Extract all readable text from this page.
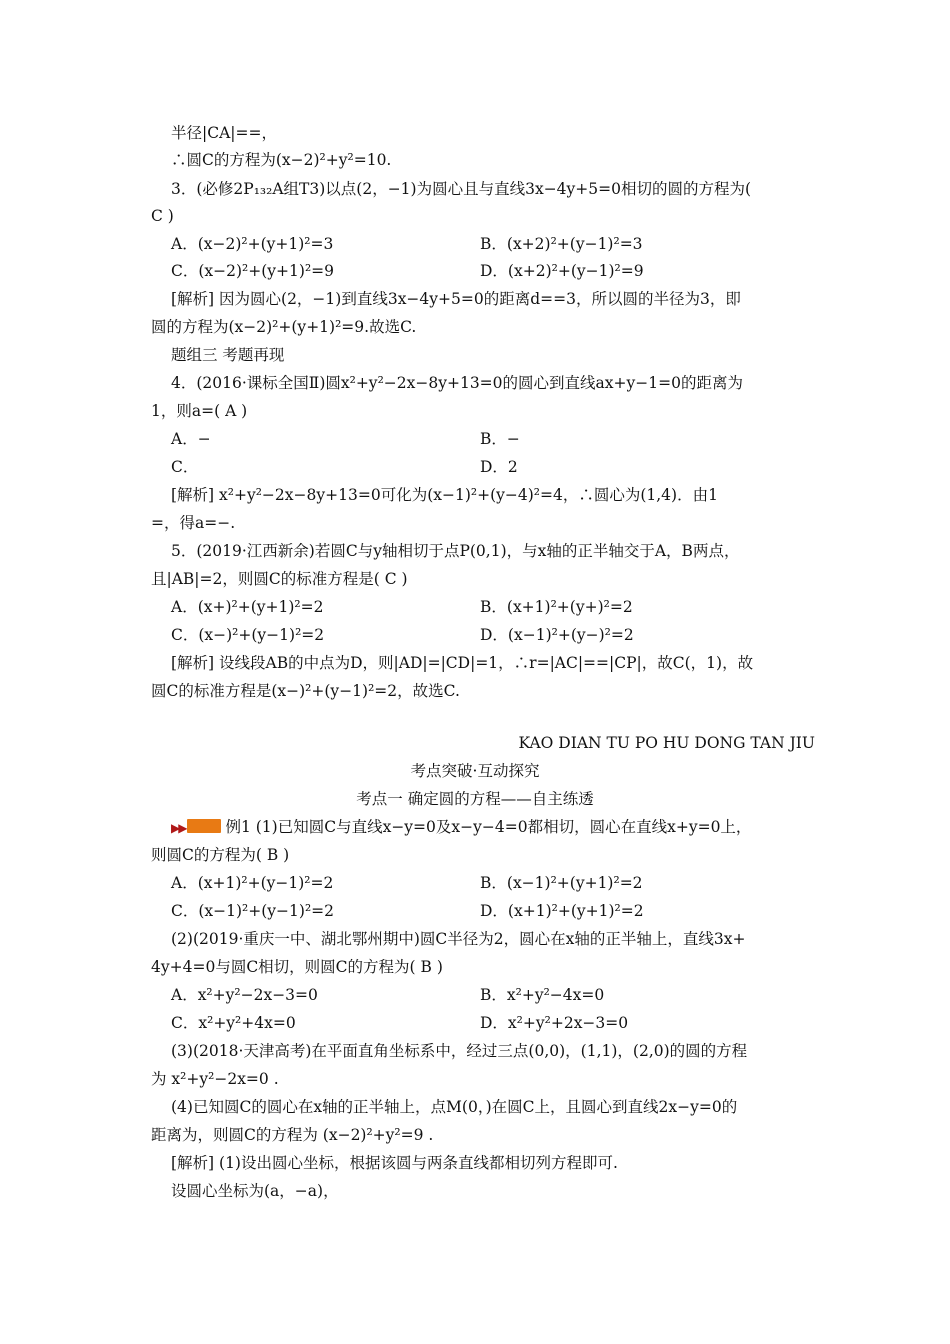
半径|CA|==，
∴圆C的方程为(x−2)²+y²=10.
3．(必修2P₁₃₂A组T3)以点(2，−1)为圆心且与直线3x−4y+5=0相切的圆的方程为(
C )
A．(x−2)²+(y+1)²=3	B．(x+2)²+(y−1)²=3
C．(x−2)²+(y+1)²=9	D．(x+2)²+(y−1)²=9
[解析] 因为圆心(2，−1)到直线3x−4y+5=0的距离d==3，所以圆的半径为3，即
圆的方程为(x−2)²+(y+1)²=9.故选C.
题组三 考题再现
4．(2016·课标全国Ⅱ)圆x²+y²−2x−8y+13=0的圆心到直线ax+y−1=0的距离为
1，则a=( A )
A．−	B．−
C．	D．2
[解析] x²+y²−2x−8y+13=0可化为(x−1)²+(y−4)²=4，∴圆心为(1,4)．由1
=，得a=−.
5．(2019·江西新余)若圆C与y轴相切于点P(0,1)，与x轴的正半轴交于A，B两点，
且|AB|=2，则圆C的标准方程是( C )
A．(x+)²+(y+1)²=2	B．(x+1)²+(y+)²=2
C．(x−)²+(y−1)²=2	D．(x−1)²+(y−)²=2
[解析] 设线段AB的中点为D，则|AD|=|CD|=1，∴r=|AC|==|CP|，故C(，1)，故
圆C的标准方程是(x−)²+(y−1)²=2，故选C.
KAO DIAN TU PO HU DONG TAN JIU
考点突破·互动探究
考点一 确定圆的方程——自主练透
▶▶	例1 (1)已知圆C与直线x−y=0及x−y−4=0都相切，圆心在直线x+y=0上，
则圆C的方程为( B )
A．(x+1)²+(y−1)²=2	B．(x−1)²+(y+1)²=2
C．(x−1)²+(y−1)²=2	D．(x+1)²+(y+1)²=2
(2)(2019·重庆一中、湖北鄂州期中)圆C半径为2，圆心在x轴的正半轴上，直线3x+
4y+4=0与圆C相切，则圆C的方程为( B )
A．x²+y²−2x−3=0	B．x²+y²−4x=0
C．x²+y²+4x=0	D．x²+y²+2x−3=0
(3)(2018·天津高考)在平面直角坐标系中，经过三点(0,0)，(1,1)，(2,0)的圆的方程
为 x²+y²−2x=0 .
(4)已知圆C的圆心在x轴的正半轴上，点M(0，)在圆C上，且圆心到直线2x−y=0的
距离为，则圆C的方程为 (x−2)²+y²=9 .
[解析] (1)设出圆心坐标，根据该圆与两条直线都相切列方程即可.
设圆心坐标为(a，−a)，
